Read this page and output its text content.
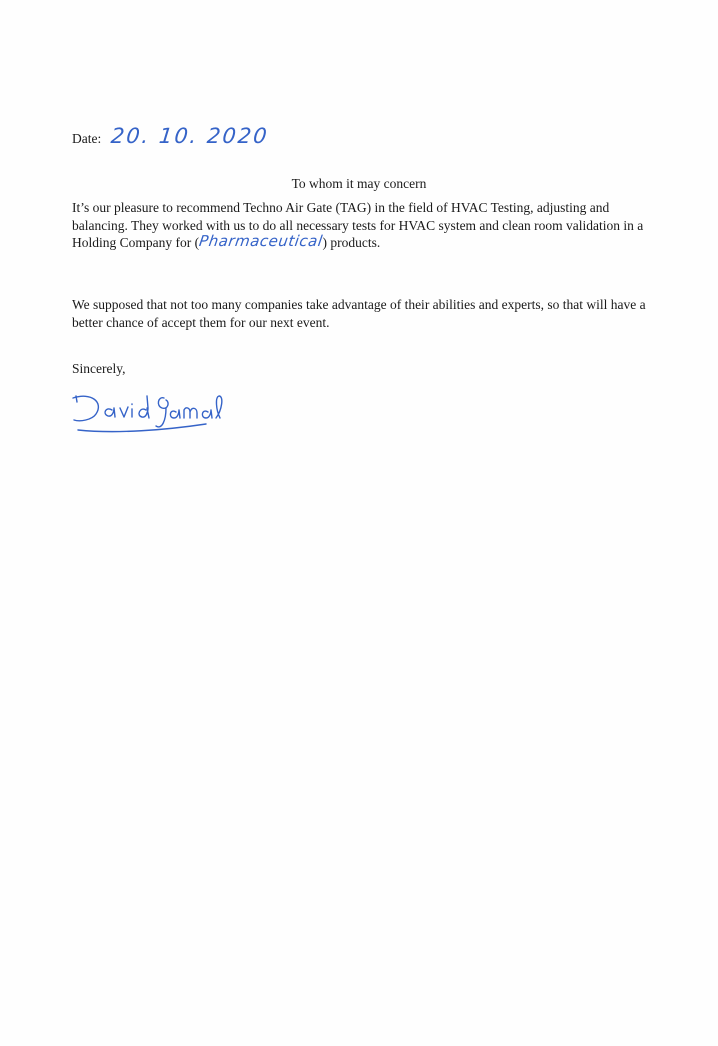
Date: 20. 10. 2020
To whom it may concern
It’s our pleasure to recommend Techno Air Gate (TAG) in the field of HVAC Testing, adjusting and balancing. They worked with us to do all necessary tests for HVAC system and clean room validation in a Holding Company for (Pharmaceutical) products.
We supposed that not too many companies take advantage of their abilities and experts, so that will have a better chance of accept them for our next event.
Sincerely,
